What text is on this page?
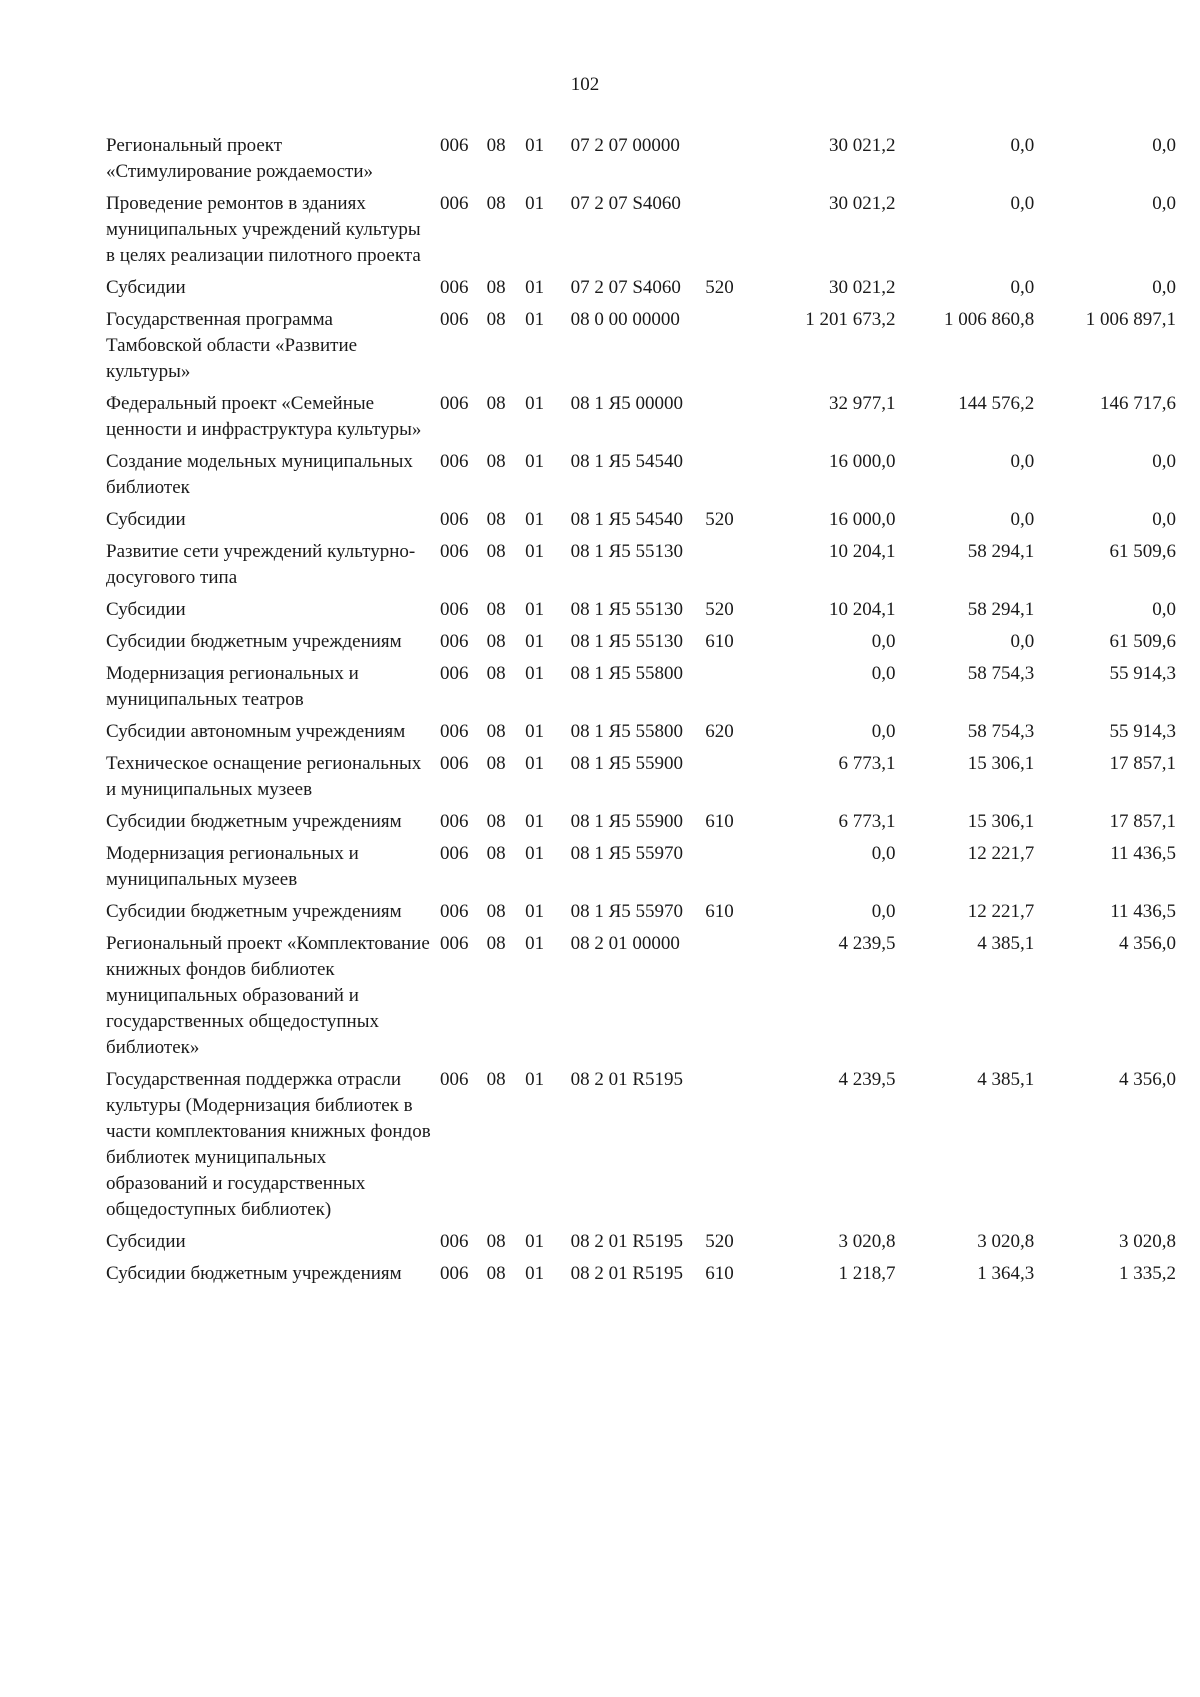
102
Региональный проект «Стимулирование рождаемости»	006	08	01	07 2 07 00000		30 021,2	0,0	0,0
Проведение ремонтов в зданиях муниципальных учреждений культуры в целях реализации пилотного проекта	006	08	01	07 2 07 S4060		30 021,2	0,0	0,0
Субсидии	006	08	01	07 2 07 S4060	520	30 021,2	0,0	0,0
Государственная программа Тамбовской области «Развитие культуры»	006	08	01	08 0 00 00000		1 201 673,2	1 006 860,8	1 006 897,1
Федеральный проект «Семейные ценности и инфраструктура культуры»	006	08	01	08 1 Я5 00000		32 977,1	144 576,2	146 717,6
Создание модельных муниципальных библиотек	006	08	01	08 1 Я5 54540		16 000,0	0,0	0,0
Субсидии	006	08	01	08 1 Я5 54540	520	16 000,0	0,0	0,0
Развитие сети учреждений культурно-досугового типа	006	08	01	08 1 Я5 55130		10 204,1	58 294,1	61 509,6
Субсидии	006	08	01	08 1 Я5 55130	520	10 204,1	58 294,1	0,0
Субсидии бюджетным учреждениям	006	08	01	08 1 Я5 55130	610	0,0	0,0	61 509,6
Модернизация региональных и муниципальных театров	006	08	01	08 1 Я5 55800		0,0	58 754,3	55 914,3
Субсидии автономным учреждениям	006	08	01	08 1 Я5 55800	620	0,0	58 754,3	55 914,3
Техническое оснащение региональных и муниципальных музеев	006	08	01	08 1 Я5 55900		6 773,1	15 306,1	17 857,1
Субсидии бюджетным учреждениям	006	08	01	08 1 Я5 55900	610	6 773,1	15 306,1	17 857,1
Модернизация региональных и муниципальных музеев	006	08	01	08 1 Я5 55970		0,0	12 221,7	11 436,5
Субсидии бюджетным учреждениям	006	08	01	08 1 Я5 55970	610	0,0	12 221,7	11 436,5
Региональный проект «Комплектование книжных фондов библиотек муниципальных образований и государственных общедоступных библиотек»	006	08	01	08 2 01 00000		4 239,5	4 385,1	4 356,0
Государственная поддержка отрасли культуры (Модернизация библиотек в части комплектования книжных фондов библиотек муниципальных образований и государственных общедоступных библиотек)	006	08	01	08 2 01 R5195		4 239,5	4 385,1	4 356,0
Субсидии	006	08	01	08 2 01 R5195	520	3 020,8	3 020,8	3 020,8
Субсидии бюджетным учреждениям	006	08	01	08 2 01 R5195	610	1 218,7	1 364,3	1 335,2
